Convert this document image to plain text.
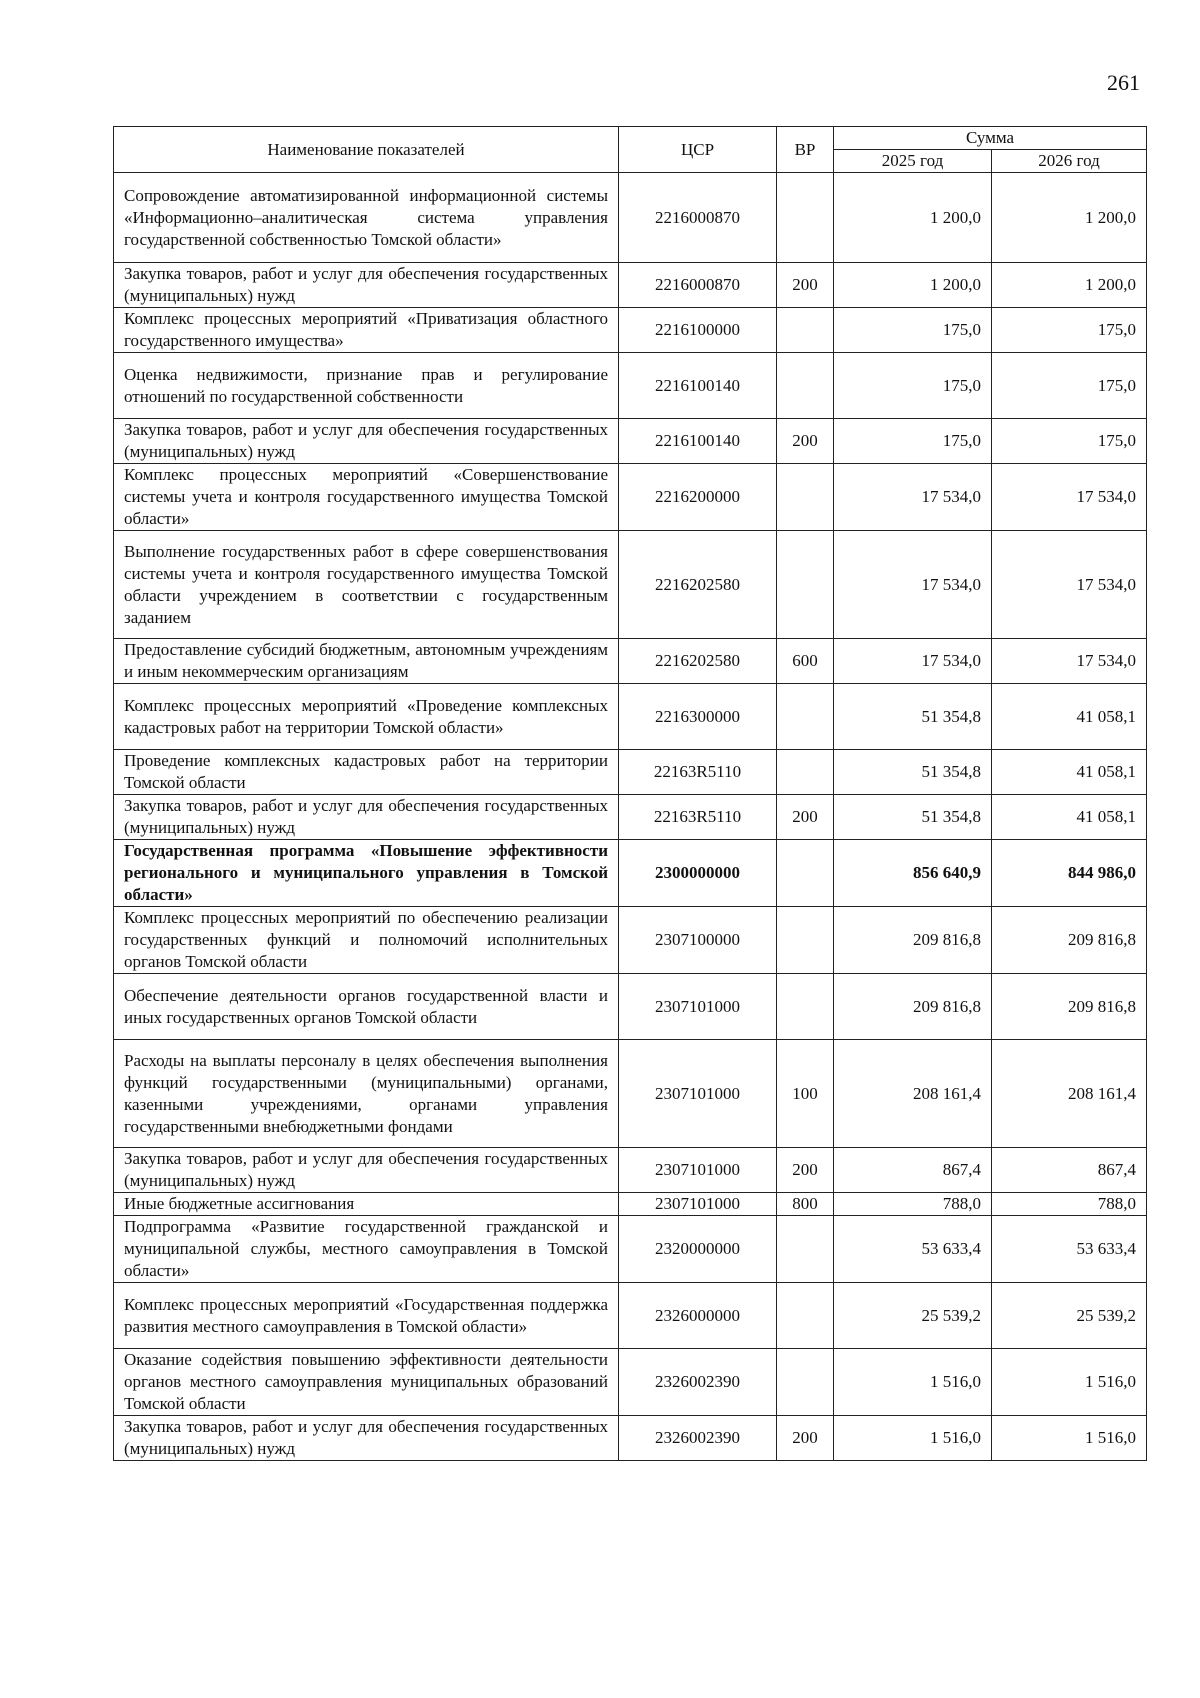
261
Наименование показателей	ЦСР	ВР	Сумма	
			2025 год	2026 год
Сопровождение автоматизированной информационной системы «Информационно–аналитическая система управления государственной собственностью Томской области»	2216000870		1 200,0	1 200,0
Закупка товаров, работ и услуг для обеспечения государственных (муниципальных) нужд	2216000870	200	1 200,0	1 200,0
Комплекс процессных мероприятий «Приватизация областного государственного имущества»	2216100000		175,0	175,0
Оценка недвижимости, признание прав и регулирование отношений по государственной собственности	2216100140		175,0	175,0
Закупка товаров, работ и услуг для обеспечения государственных (муниципальных) нужд	2216100140	200	175,0	175,0
Комплекс процессных мероприятий «Совершенствование системы учета и контроля государственного имущества Томской области»	2216200000		17 534,0	17 534,0
Выполнение государственных работ в сфере совершенствования системы учета и контроля государственного имущества Томской области учреждением в соответствии с государственным заданием	2216202580		17 534,0	17 534,0
Предоставление субсидий бюджетным, автономным учреждениям и иным некоммерческим организациям	2216202580	600	17 534,0	17 534,0
Комплекс процессных мероприятий «Проведение комплексных кадастровых работ на территории Томской области»	2216300000		51 354,8	41 058,1
Проведение комплексных кадастровых работ на территории Томской области	22163R5110		51 354,8	41 058,1
Закупка товаров, работ и услуг для обеспечения государственных (муниципальных) нужд	22163R5110	200	51 354,8	41 058,1
Государственная программа «Повышение эффективности регионального и муниципального управления в Томской области»	2300000000		856 640,9	844 986,0
Комплекс процессных мероприятий по обеспечению реализации государственных функций и полномочий исполнительных органов Томской области	2307100000		209 816,8	209 816,8
Обеспечение деятельности органов государственной власти и иных государственных органов Томской области	2307101000		209 816,8	209 816,8
Расходы на выплаты персоналу в целях обеспечения выполнения функций государственными (муниципальными) органами, казенными учреждениями, органами управления государственными внебюджетными фондами	2307101000	100	208 161,4	208 161,4
Закупка товаров, работ и услуг для обеспечения государственных (муниципальных) нужд	2307101000	200	867,4	867,4
Иные бюджетные ассигнования	2307101000	800	788,0	788,0
Подпрограмма «Развитие государственной гражданской и муниципальной службы, местного самоуправления в Томской области»	2320000000		53 633,4	53 633,4
Комплекс процессных мероприятий «Государственная поддержка развития местного самоуправления в Томской области»	2326000000		25 539,2	25 539,2
Оказание содействия повышению эффективности деятельности органов местного самоуправления муниципальных образований Томской области	2326002390		1 516,0	1 516,0
Закупка товаров, работ и услуг для обеспечения государственных (муниципальных) нужд	2326002390	200	1 516,0	1 516,0
